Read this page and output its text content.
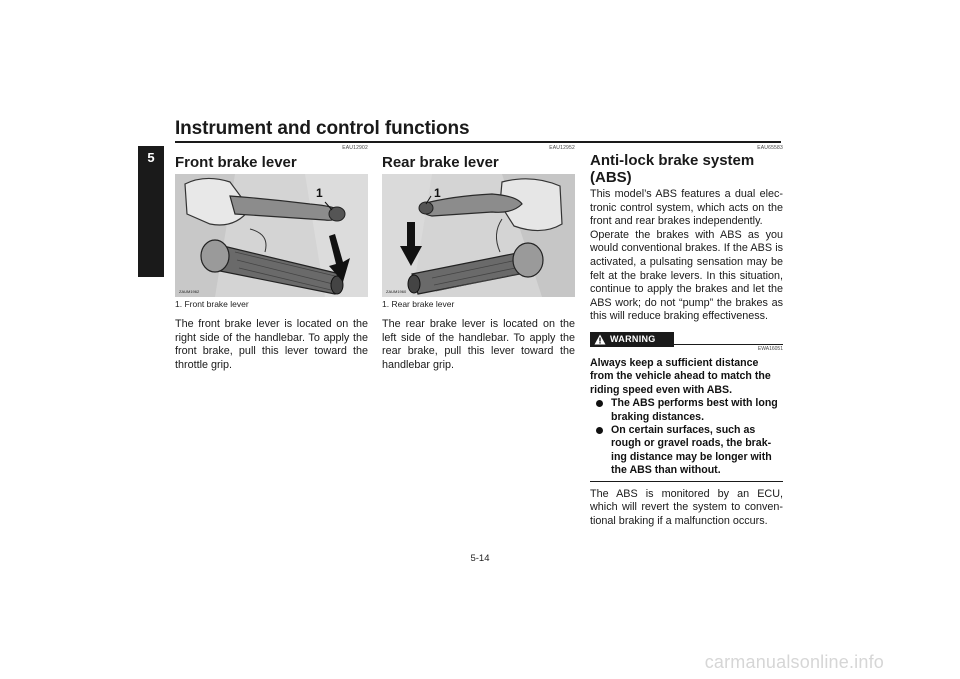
Instrument and control functions
5
EAU12902
Front brake lever
1
ZAUM1962
1. Front brake lever

The front brake lever is located on the right side of the handlebar. To apply the front brake, pull this lever toward the throttle grip.

EAU12952
Rear brake lever
1
ZAUM1960
1. Rear brake lever

The rear brake lever is located on the left side of the handlebar. To apply the rear brake, pull this lever toward the handlebar grip.

EAU65583
Anti-lock brake system (ABS)

This model’s ABS features a dual electronic control system, which acts on the front and rear brakes independently.

Operate the brakes with ABS as you would conventional brakes. If the ABS is activated, a pulsating sensation may be felt at the brake levers. In this situation, continue to apply the brakes and let the ABS work; do not “pump” the brakes as this will reduce braking effectiveness.

WARNING
EWA16051

Always keep a sufficient distance from the vehicle ahead to match the riding speed even with ABS.

The ABS performs best with long braking distances.
On certain surfaces, such as rough or gravel roads, the braking distance may be longer with the ABS than without.

The ABS is monitored by an ECU, which will revert the system to conventional braking if a malfunction occurs.

5-14
carmanualsonline.info
